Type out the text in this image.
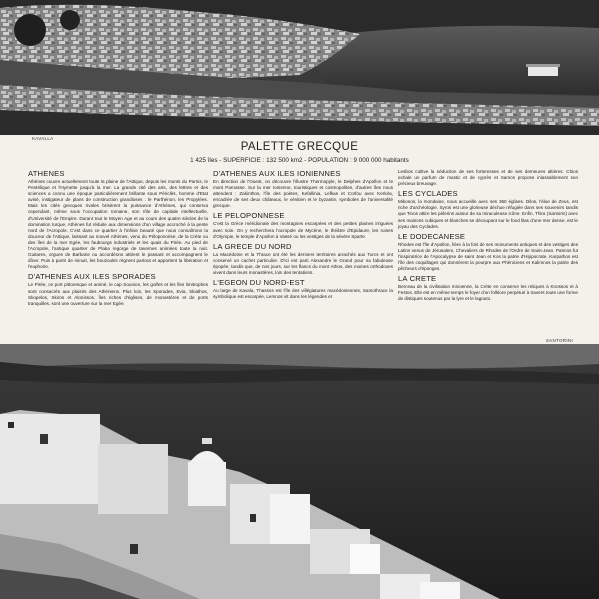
KAVALLA
PALETTE GRECQUE
1 425 îles - SUPERFICIE : 132 500 km2 - POPULATION : 9 000 000 habitants
ATHENES

Athènes couvre actuellement toute la plaine de l'Attique, depuis les monts du Parnis, le Pentélique et l'Hymette jusqu'à la mer. La grande cité des arts, des lettres et des sciences a connu une époque particulièrement brillante sous Périclès, homme d'Etat avisé, instigateur de plans de construction grandioses : le Parthénon, les Propylées. Mais les cités grecques rivales brisèrent la puissance d'Athènes, qui conserva cependant, même sous l'occupation romaine, son rôle de capitale intellectuelle, d'Université de l'Empire. Durant tout le Moyen Age et au cours des quatre siècles de la domination turque, Athènes fut réduite aux dimensions d'un village accroché à la pente nord de l'Acropole. C'est dans ce quartier à l'infinie beauté que nous connaîtrons la douceur de l'Attique, laissant au nouvel Athènes, venu du Péloponnèse, de la Crète ou des îles de la mer Egée, les faubourgs industriels et les quais du Pirée. Au pied de l'Acropole, l'antique quartier de Plaka regorge de tavernes animées toute la nuit. Guitares, orgues de Barbarie ou accordéons attirent le passant et accompagnent le dîner. Puis à partir de minuit, les bouzoukis règnent partout et apportent la libération et l'euphorie.

D'ATHENES AUX ILES SPORADES

Le Pirée, ce port pittoresque et animé, le cap Sounion, les golfes et les îles limitrophes sont consacrés aux plaisirs des Athéniens. Plus loin, les Sporades, Evia, Skiathos, Skopelos, Skiros et Alonissos, îles riches d'églises, de monastères et de ports tranquilles, sont une ouverture sur la mer Egée.

D'ATHENES AUX ILES IONIENNES

En direction de l'Ouest, on découvre l'illustre Thermopyle, le Delphes d'Apollon et le mont Parnasse. Sur la mer Ionienne, touristiques et cosmopolites, d'autres îles nous attendent : Zakinthos, l'île des poètes, Kefallinia, Lefkas et Corfou avec Kerkira, encadrée de ses deux châteaux, le vénitien et le byzantin, symboles de l'universalité grecque.

LE PELOPONNESE

C'est la Grèce méridionale des montagnes escarpées et des petites plaines irriguées avec soin. On y rechercherа l'acropole de Mycène, le théâtre d'Epidaure, les ruines d'Olympie, le temple d'Apollon à Vassé ou les vestiges de la sévère Sparte.

LA GRECE DU NORD

La Macédoine et la Thrace ont été les derniers territoires arrachés aux Turcs et ont conservé un cachet particulier. D'ici est parti Alexandre le Grand pour sa fabuleuse épopée, tandis que, de nos jours, sur les flancs du mont Athos, des moines orthodoxes vivent dans leurs monastères, loin des tentations.

L'EGEON DU NORD-EST

Au large de Kavala, Thassos est l'île des villégiatures macédoniennes, Samothrace la symbolique est escarpée, Lemnos vit dans les légendes et

Lesbos cultive la séduction de ses forteresses et de ses demeures altières. Chios exhale un parfum de mastic et de cyprès et Samos propose inlassablement son précieux breuvage.

LES CYCLADES

Mikonos, la mondaine, nous accueille avec ses 360 églises. Dilos, l'élue de Zeus, est riche d'archéologie. Syros est une glorieuse déchue réfugiée dans ses souvenirs tandis que Tinos attire les pèlerins autour de sa miraculeuse icône. Enfin, Thira (Santorin) avec ses maisons cubiques et blanches se découpant sur le fond lilas d'une mer dense, est le joyau des Cyclades.

LE DODECANESE

Rhodes est l'île d'Apollon, fière à la fois de ses monuments antiques et des vestiges des Latins venus de Jérusalem, Chevaliers de Rhodes de l'Ordre de Saint-Jean. Patmos fut l'inspiratrice de l'Apocalypse de saint Jean et Kos la patrie d'Hippocrate. Karpathos est l'île des coquillages qui donnèrent la pourpre aux Phéniciens et Kalimnos la patrie des pêcheurs d'éponges.

LA CRETE

Berceau de la civilisation minoenne, la Crète en conserve les reliques à Knossos et à Festos. Elle est en même temps le foyer d'un folklore perpétué à travers toute une forme de distiques soutenus par la lyre et le lagouto.

SANTORINI
